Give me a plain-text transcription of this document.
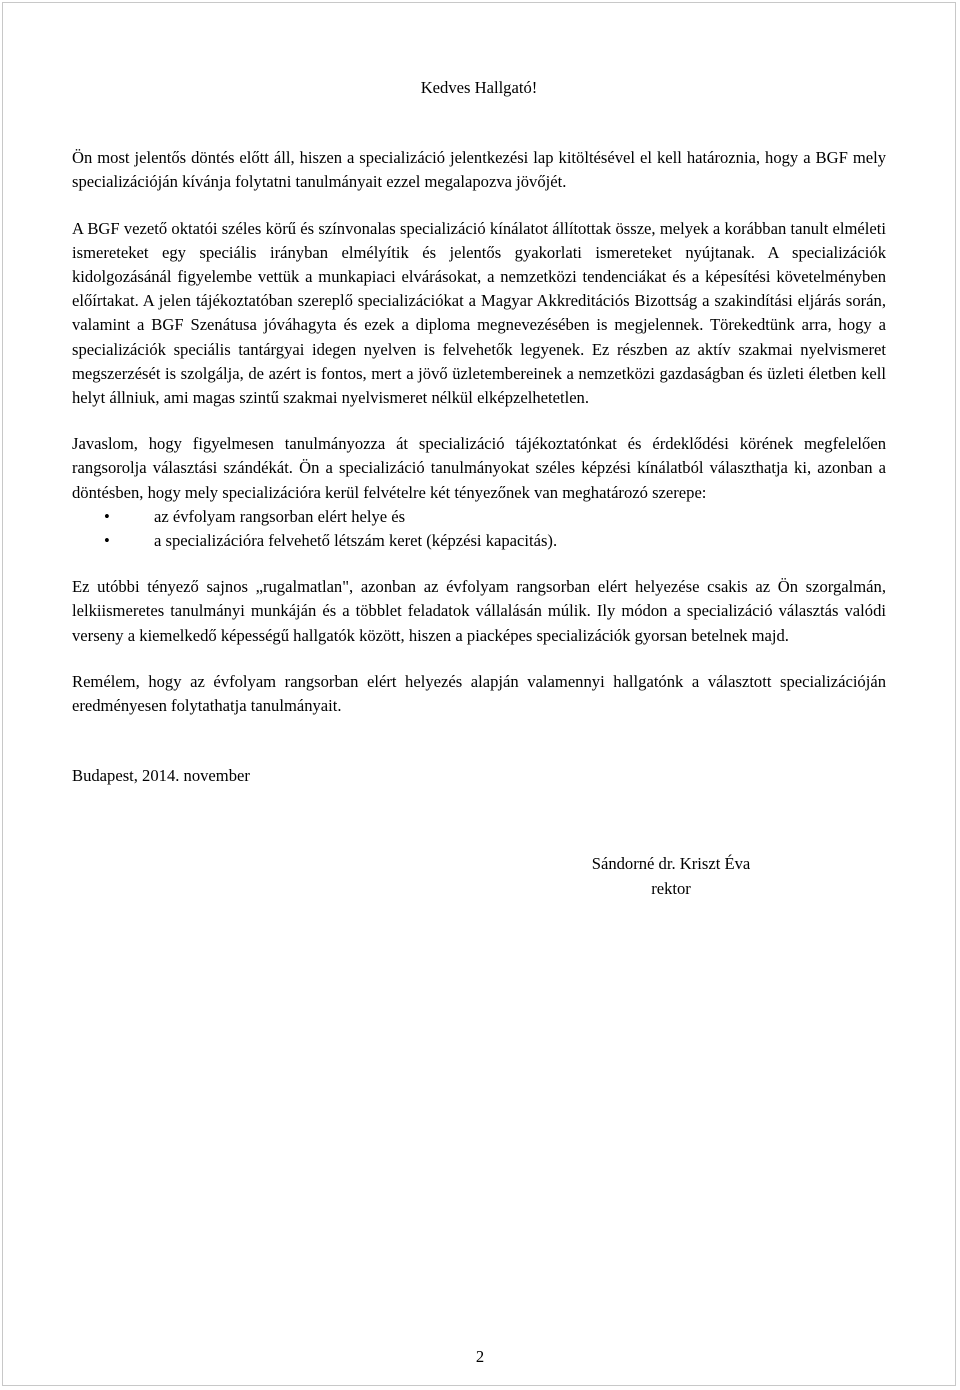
Kedves Hallgató!

Ön most jelentős döntés előtt áll, hiszen a specializáció jelentkezési lap kitöltésével el kell határoznia, hogy a BGF mely specializációján kívánja folytatni tanulmányait ezzel megalapozva jövőjét.

A BGF vezető oktatói széles körű és színvonalas specializáció kínálatot állítottak össze, melyek a korábban tanult elméleti ismereteket egy speciális irányban elmélyítik és jelentős gyakorlati ismereteket nyújtanak. A specializációk kidolgozásánál figyelembe vettük a munkapiaci elvárásokat, a nemzetközi tendenciákat és a képesítési követelményben előírtakat. A jelen tájékoztatóban szereplő specializációkat a Magyar Akkreditációs Bizottság a szakindítási eljárás során, valamint a BGF Szenátusa jóváhagyta és ezek a diploma megnevezésében is megjelennek. Törekedtünk arra, hogy a specializációk speciális tantárgyai idegen nyelven is felvehetők legyenek. Ez részben az aktív szakmai nyelvismeret megszerzését is szolgálja, de azért is fontos, mert a jövő üzletembereinek a nemzetközi gazdaságban és üzleti életben kell helyt állniuk, ami magas szintű szakmai nyelvismeret nélkül elképzelhetetlen.

Javaslom, hogy figyelmesen tanulmányozza át specializáció tájékoztatónkat és érdeklődési körének megfelelően rangsorolja választási szándékát. Ön a specializáció tanulmányokat széles képzési kínálatból választhatja ki, azonban a döntésben, hogy mely specializációra kerül felvételre két tényezőnek van meghatározó szerepe:

•	az évfolyam rangsorban elért helye és
•	a specializációra felvehető létszám keret (képzési kapacitás).

Ez utóbbi tényező sajnos „rugalmatlan", azonban az évfolyam rangsorban elért helyezése csakis az Ön szorgalmán, lelkiismeretes tanulmányi munkáján és a többlet feladatok vállalásán múlik. Ily módon a specializáció választás valódi verseny a kiemelkedő képességű hallgatók között, hiszen a piacképes specializációk gyorsan betelnek majd.

Remélem, hogy az évfolyam rangsorban elért helyezés alapján valamennyi hallgatónk a választott specializációján eredményesen folytathatja tanulmányait.

Budapest, 2014. november
Sándorné dr. Kriszt Éva
rektor
2
